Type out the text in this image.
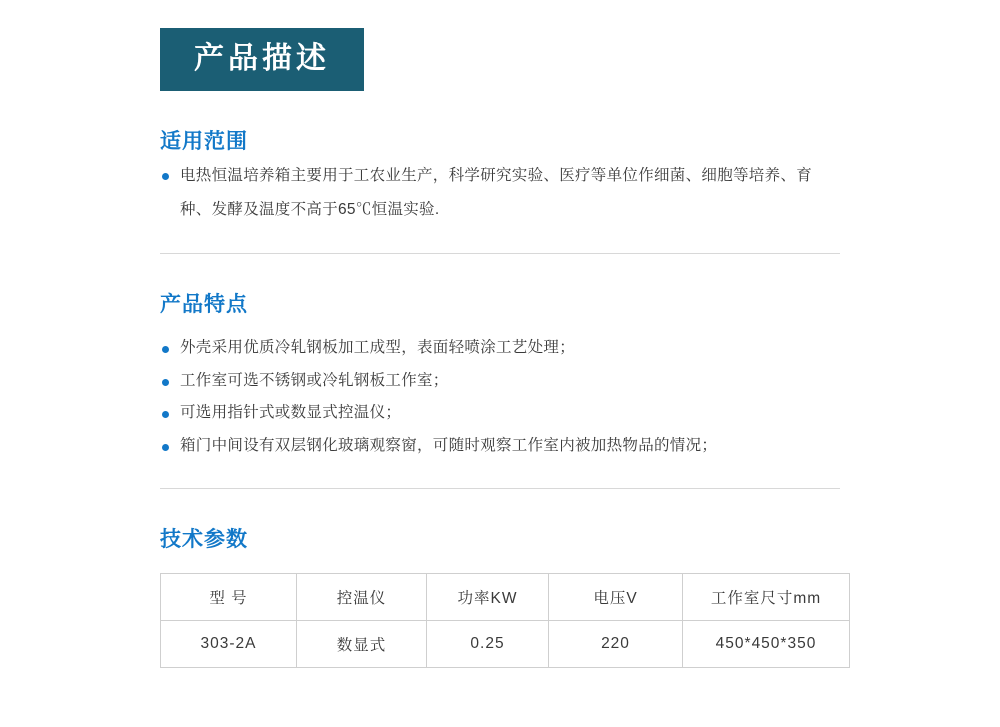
产品描述
适用范围
电热恒温培养箱主要用于工农业生产，科学研究实验、医疗等单位作细菌、细胞等培养、育种、发酵及温度不高于65℃恒温实验.
产品特点
外壳采用优质冷轧钢板加工成型，表面轻喷涂工艺处理；
工作室可选不锈钢或冷轧钢板工作室；
可选用指针式或数显式控温仪；
箱门中间设有双层钢化玻璃观察窗，可随时观察工作室内被加热物品的情况；
技术参数
型 号	控温仪	功率KW	电压V	工作室尺寸mm
303-2A	数显式	0.25	220	450*450*350
